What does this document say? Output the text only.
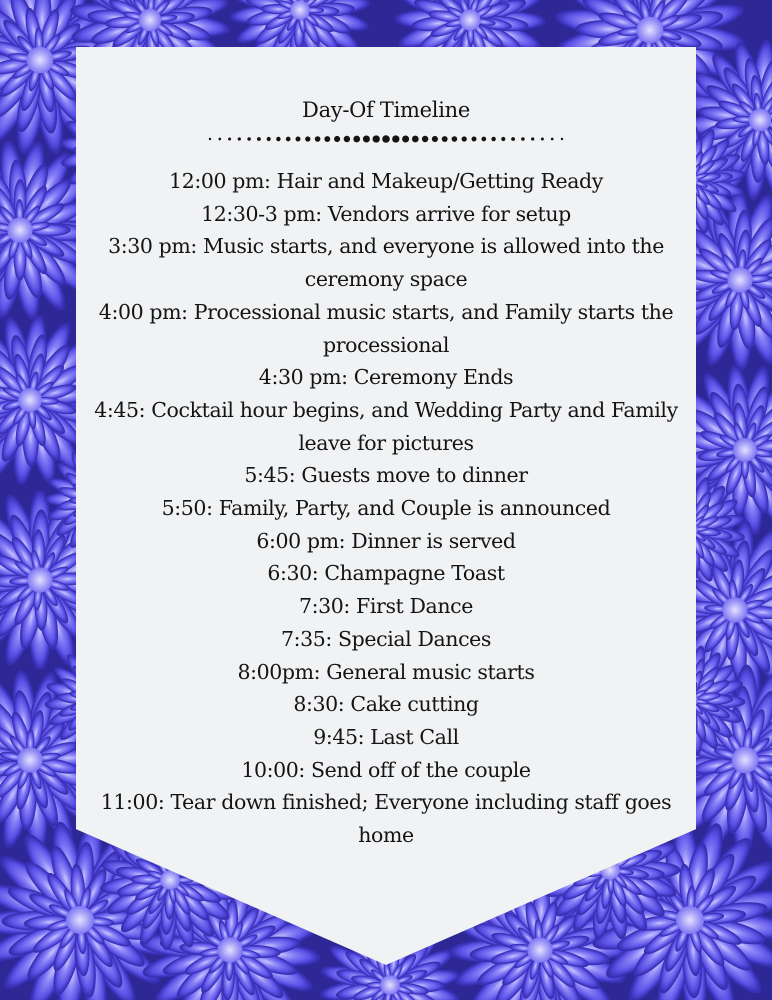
Day-Of Timeline
12:00 pm: Hair and Makeup/Getting Ready
12:30-3 pm: Vendors arrive for setup
3:30 pm: Music starts, and everyone is allowed into the ceremony space
4:00 pm: Processional music starts, and Family starts the processional
4:30 pm: Ceremony Ends
4:45: Cocktail hour begins, and Wedding Party and Family leave for pictures
5:45: Guests move to dinner
5:50: Family, Party, and Couple is announced
6:00 pm: Dinner is served
6:30: Champagne Toast
7:30: First Dance
7:35: Special Dances
8:00pm: General music starts
8:30: Cake cutting
9:45: Last Call
10:00: Send off of the couple
11:00: Tear down finished; Everyone including staff goes home
